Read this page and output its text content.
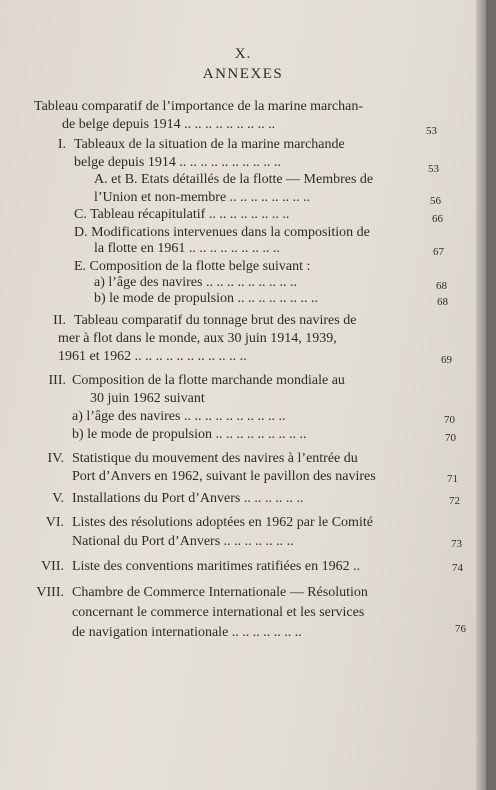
X.
ANNEXES
Tableau comparatif de l’importance de la marine marchan-
de belge depuis 1914 .. .. .. .. .. .. .. .. ..	53
I. Tableaux de la situation de la marine marchande
belge depuis 1914 .. .. .. .. .. .. .. .. .. ..	53
A. et B. Etats détaillés de la flotte — Membres de
l’Union et non-membre .. .. .. .. .. .. .. ..	56
C. Tableau récapitulatif .. .. .. .. .. .. .. ..	66
D. Modifications intervenues dans la composition de
la flotte en 1961 .. .. .. .. .. .. .. .. ..	67
E. Composition de la flotte belge suivant :
a) l’âge des navires .. .. .. .. .. .. .. .. ..	68
b) le mode de propulsion .. .. .. .. .. .. .. ..	68
II. Tableau comparatif du tonnage brut des navires de
mer à flot dans le monde, aux 30 juin 1914, 1939,
1961 et 1962 .. .. .. .. .. .. .. .. .. .. ..	69
III. Composition de la flotte marchande mondiale au
30 juin 1962 suivant
a) l’âge des navires .. .. .. .. .. .. .. .. .. ..	70
b) le mode de propulsion .. .. .. .. .. .. .. .. ..	70
IV. Statistique du mouvement des navires à l’entrée du
Port d’Anvers en 1962, suivant le pavillon des navires	71
V. Installations du Port d’Anvers .. .. .. .. .. ..	72
VI. Listes des résolutions adoptées en 1962 par le Comité
National du Port d’Anvers .. .. .. .. .. .. ..	73
VII. Liste des conventions maritimes ratifiées en 1962 ..	74
VIII. Chambre de Commerce Internationale — Résolution
concernant le commerce international et les services
de navigation internationale .. .. .. .. .. .. ..	76
